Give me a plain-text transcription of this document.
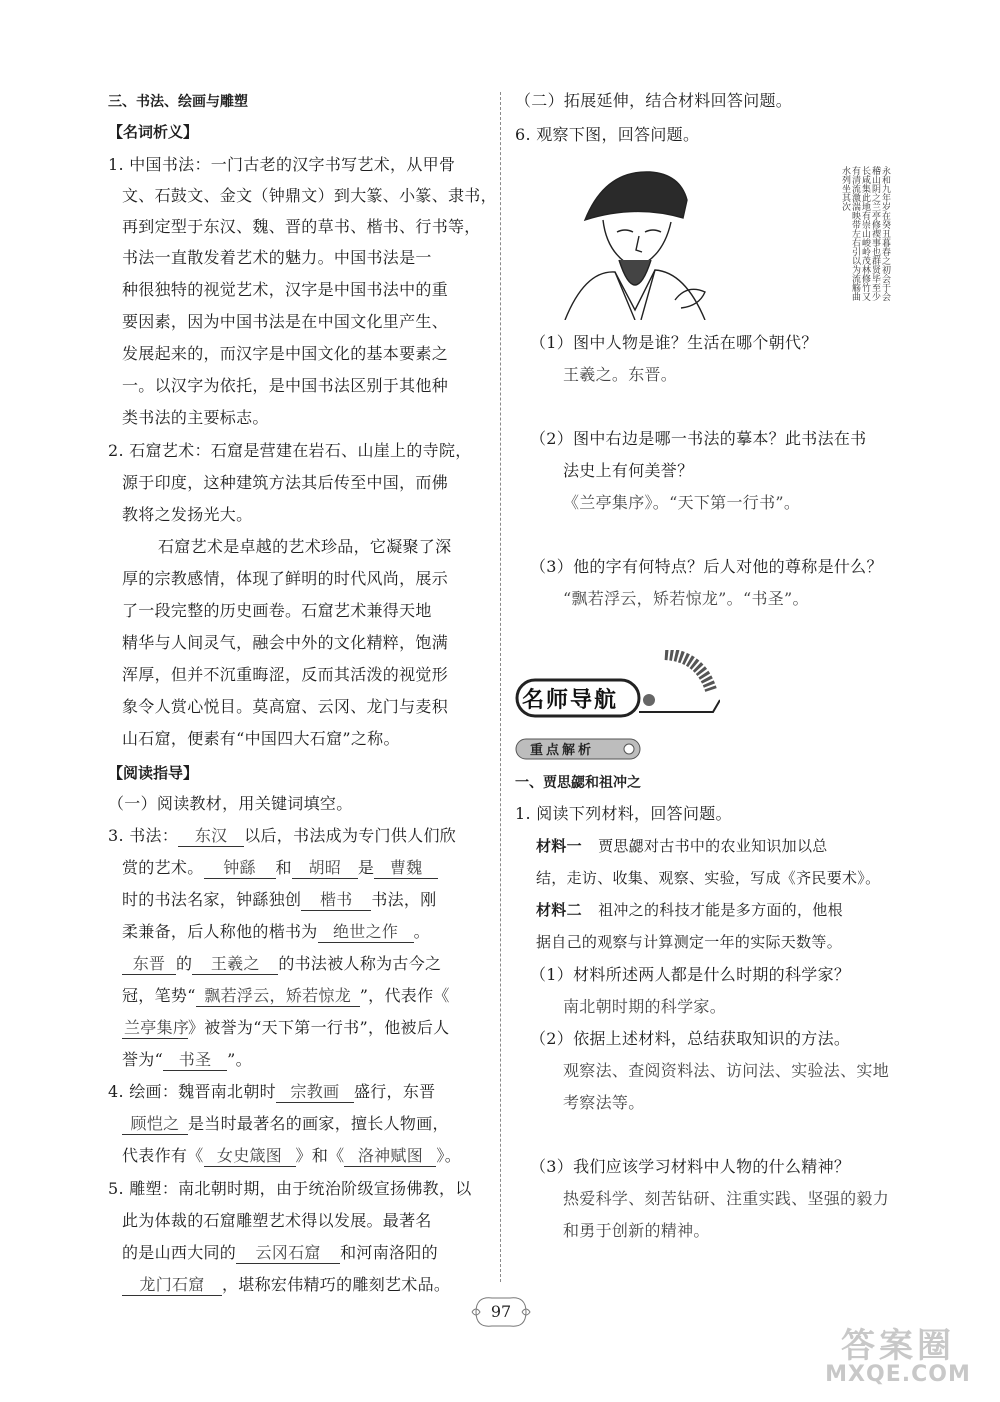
三、书法、绘画与雕塑
【名词析义】
1. 中国书法：一门古老的汉字书写艺术，从甲骨
文、石鼓文、金文（钟鼎文）到大篆、小篆、隶书，
再到定型于东汉、魏、晋的草书、楷书、行书等，
书法一直散发着艺术的魅力。中国书法是一
种很独特的视觉艺术，汉字是中国书法中的重
要因素，因为中国书法是在中国文化里产生、
发展起来的，而汉字是中国文化的基本要素之
一。以汉字为依托，是中国书法区别于其他种
类书法的主要标志。
2. 石窟艺术：石窟是营建在岩石、山崖上的寺院，
源于印度，这种建筑方法其后传至中国，而佛
教将之发扬光大。
石窟艺术是卓越的艺术珍品，它凝聚了深
厚的宗教感情，体现了鲜明的时代风尚，展示
了一段完整的历史画卷。石窟艺术兼得天地
精华与人间灵气，融会中外的文化精粹，饱满
浑厚，但并不沉重晦涩，反而其活泼的视觉形
象令人赏心悦目。莫高窟、云冈、龙门与麦积
山石窟，便素有“中国四大石窟”之称。
【阅读指导】
（一）阅读教材，用关键词填空。
3. 书法： 东汉 以后，书法成为专门供人们欣
赏的艺术。 钟繇 和 胡昭 是 曹魏
时的书法名家，钟繇独创 楷书 书法，刚
柔兼备，后人称他的楷书为 绝世之作 。
东晋 的 王羲之 的书法被人称为古今之
冠，笔势“ 飘若浮云，矫若惊龙 ”，代表作《
兰亭集序》被誉为“天下第一行书”，他被后人
誉为“ 书圣 ”。
4. 绘画：魏晋南北朝时 宗教画 盛行，东晋
顾恺之 是当时最著名的画家，擅长人物画，
代表作有《 女史箴图 》和《 洛神赋图 》。
5. 雕塑：南北朝时期，由于统治阶级宣扬佛教，以
此为体裁的石窟雕塑艺术得以发展。最著名
的是山西大同的 云冈石窟 和河南洛阳的
龙门石窟 ，堪称宏伟精巧的雕刻艺术品。
（二）拓展延伸，结合材料回答问题。
6. 观察下图，回答问题。
永和九年岁在癸丑暮春之初会于会稽山阴之兰亭修禊事也群贤毕至少长咸集此地有崇山峻岭茂林修竹又有清流激湍映带左右引以为流觞曲水列坐其次
（1）图中人物是谁？生活在哪个朝代？
王羲之。东晋。
（2）图中右边是哪一书法的摹本？此书法在书
法史上有何美誉？
《兰亭集序》。“天下第一行书”。
（3）他的字有何特点？后人对他的尊称是什么？
“飘若浮云，矫若惊龙”。“书圣”。
名师导航
重点解析
一、贾思勰和祖冲之
1. 阅读下列材料，回答问题。
材料一 贾思勰对古书中的农业知识加以总
结，走访、收集、观察、实验，写成《齐民要术》。
材料二 祖冲之的科技才能是多方面的，他根
据自己的观察与计算测定一年的实际天数等。
（1）材料所述两人都是什么时期的科学家？
南北朝时期的科学家。
（2）依据上述材料，总结获取知识的方法。
观察法、查阅资料法、访问法、实验法、实地
考察法等。
（3）我们应该学习材料中人物的什么精神？
热爱科学、刻苦钻研、注重实践、坚强的毅力
和勇于创新的精神。
97
答案圈
MXQE.COM
